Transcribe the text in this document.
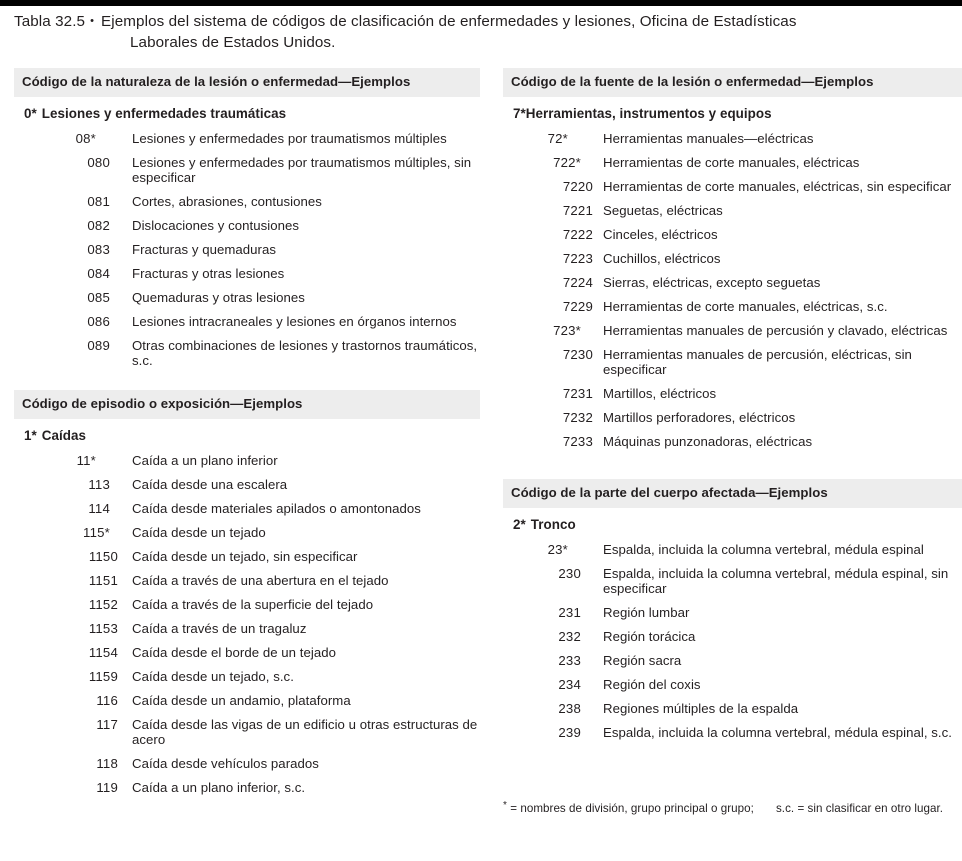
Tabla 32.5 • Ejemplos del sistema de códigos de clasificación de enfermedades y lesiones, Oficina de Estadísticas
Laborales de Estados Unidos.
Código de la naturaleza de la lesión o enfermedad—Ejemplos
0* Lesiones y enfermedades traumáticas
08*	Lesiones y enfermedades por traumatismos múltiples
080 Lesiones y enfermedades por traumatismos múltiples, sin especificar
081 Cortes, abrasiones, contusiones
082 Dislocaciones y contusiones
083 Fracturas y quemaduras
084 Fracturas y otras lesiones
085 Quemaduras y otras lesiones
086 Lesiones intracraneales y lesiones en órganos internos
089 Otras combinaciones de lesiones y trastornos traumáticos, s.c.
Código de episodio o exposición—Ejemplos
1* Caídas
11*	Caída a un plano inferior
113 Caída desde una escalera
114 Caída desde materiales apilados o amontonados
115* Caída desde un tejado
1150 Caída desde un tejado, sin especificar
1151 Caída a través de una abertura en el tejado
1152 Caída a través de la superficie del tejado
1153 Caída a través de un tragaluz
1154 Caída desde el borde de un tejado
1159 Caída desde un tejado, s.c.
116 Caída desde un andamio, plataforma
117 Caída desde las vigas de un edificio u otras estructuras de acero
118 Caída desde vehículos parados
119 Caída a un plano inferior, s.c.
Código de la fuente de la lesión o enfermedad—Ejemplos
7*Herramientas, instrumentos y equipos
72*	Herramientas manuales—eléctricas
722* Herramientas de corte manuales, eléctricas
7220 Herramientas de corte manuales, eléctricas, sin especificar
7221 Seguetas, eléctricas
7222 Cinceles, eléctricos
7223 Cuchillos, eléctricos
7224 Sierras, eléctricas, excepto seguetas
7229 Herramientas de corte manuales, eléctricas, s.c.
723* Herramientas manuales de percusión y clavado, eléctricas
7230 Herramientas manuales de percusión, eléctricas, sin especificar
7231 Martillos, eléctricos
7232 Martillos perforadores, eléctricos
7233 Máquinas punzonadoras, eléctricas
Código de la parte del cuerpo afectada—Ejemplos
2* Tronco
23*	Espalda, incluida la columna vertebral, médula espinal
230 Espalda, incluida la columna vertebral, médula espinal, sin especificar
231 Región lumbar
232 Región torácica
233 Región sacra
234 Región del coxis
238 Regiones múltiples de la espalda
239 Espalda, incluida la columna vertebral, médula espinal, s.c.
* = nombres de división, grupo principal o grupo; s.c. = sin clasificar en otro lugar.
